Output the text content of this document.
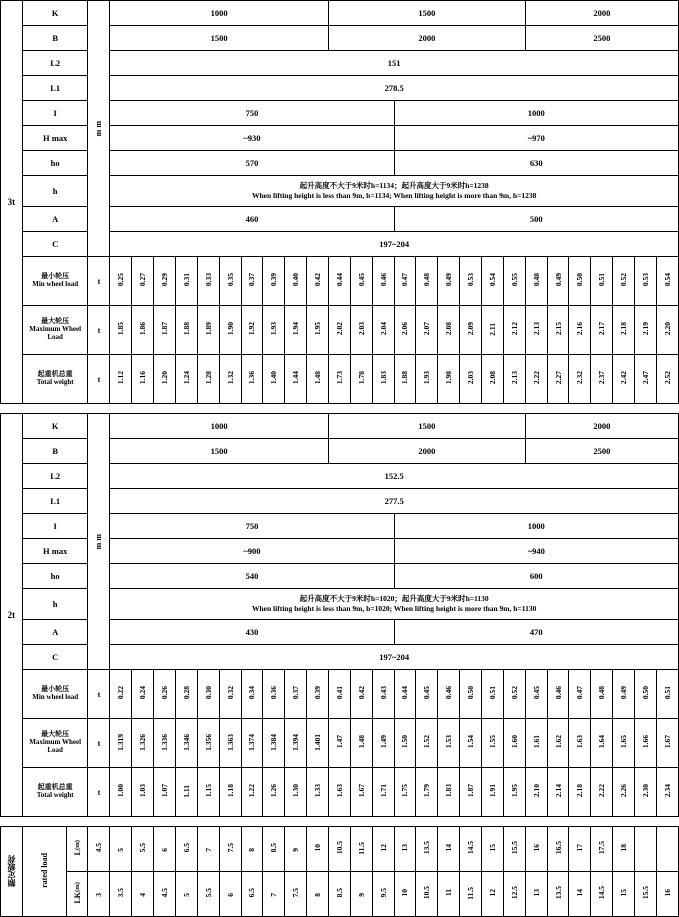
3t	K		mm	1000										1500									2000						
	B			1500										2000									2500						
	L2			151																									
	L1			278.5																									
	I			750													1000												
	H max			~930													~970												
	ho			570													630												
	h			起升高度不大于9米时h=1134；起升高度大于9米时h=1238
When lifting height is less than 9m, h=1134; When lifting height is more than 9m, h=1238																									

	A			460													500												
	C			197~204																									

	最小轮压
Min wheel load		t	0.25	0.27	0.29	0.31	0.33	0.35	0.37	0.39	0.40	0.42	0.44	0.45	0.46	0.47	0.48	0.49	0.53	0.54	0.55	0.48	0.49	0.50	0.51	0.52	0.53	0.54

	最大轮压
Maximum Wheel Load		t	1.85	1.86	1.87	1.88	1.89	1.90	1.92	1.93	1.94	1.95	2.02	2.03	2.04	2.06	2.07	2.08	2.09	2.11	2.12	2.13	2.15	2.16	2.17	2.18	2.19	2.20

	起重机总重
Total weight		t	1.12	1.16	1.20	1.24	1.28	1.32	1.36	1.40	1.44	1.48	1.73	1.78	1.83	1.88	1.93	1.98	2.03	2.08	2.13	2.22	2.27	2.32	2.37	2.42	2.47	2.52

2t	K		mm	1000										1500									2000						
	B			1500										2000									2500						
	L2			152.5																									
	L1			277.5																									
	I			750													1000												
	H max			~900													~940												
	ho			540													600												
	h			起升高度不大于9米时h=1020；起升高度大于9米时h=1130
When lifting height is less than 9m, h=1020; When lifting height is more than 9m, h=1130																									

	A			430													470												
	C			197~204																									

	最小轮压
Min wheel load		t	0.22	0.24	0.26	0.28	0.30	0.32	0.34	0.36	0.37	0.39	0.41	0.42	0.43	0.44	0.45	0.46	0.50	0.51	0.52	0.45	0.46	0.47	0.48	0.49	0.50	0.51

	最大轮压
Maximum Wheel Load		t	1.319	1.326	1.336	1.346	1.356	1.363	1.374	1.384	1.394	1.401	1.47	1.48	1.49	1.50	1.52	1.53	1.54	1.55	1.60	1.61	1.62	1.63	1.64	1.65	1.66	1.67

	起重机总重
Total weight		t	1.00	1.03	1.07	1.11	1.15	1.18	1.22	1.26	1.30	1.33	1.63	1.67	1.71	1.75	1.79	1.83	1.87	1.91	1.95	2.10	2.14	2.18	2.22	2.26	2.30	2.34

额定载荷	rated load	L(m)	4.5	5	5.5	6	6.5	7	7.5	8	8.5	9	10	10.5	11.5	12	13	13.5	14	14.5	15	15.5	16	16.5	17	17.5	18		
		LK(m)	3	3.5	4	4.5	5	5.5	6	6.5	7	7.5	8	8.5	9	9.5	10	10.5	11	11.5	12	12.5	13	13.5	14	14.5	15	15.5	16
